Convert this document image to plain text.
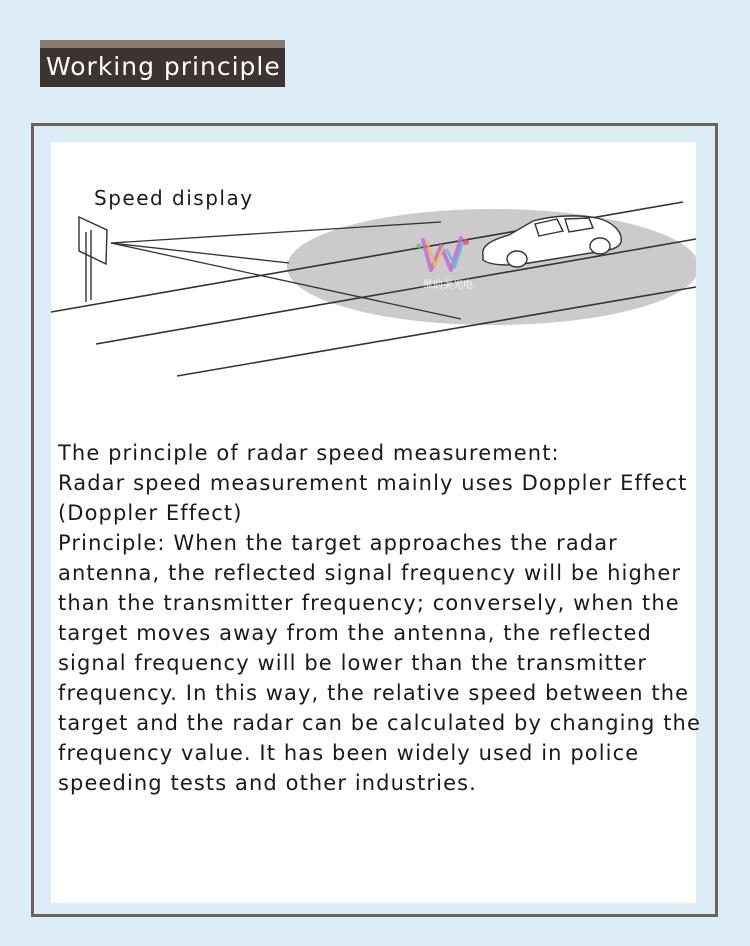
Working principle
维的美光电
Speed display

The principle of radar speed measurement:

Radar speed measurement mainly uses Doppler Effect (Doppler Effect)

Principle: When the target approaches the radar antenna, the reflected signal frequency will be higher than the transmitter frequency; conversely, when the target moves away from the antenna, the reflected signal frequency will be lower than the transmitter frequency. In this way, the relative speed between the target and the radar can be calculated by changing the frequency value. It has been widely used in police speeding tests and other industries.
